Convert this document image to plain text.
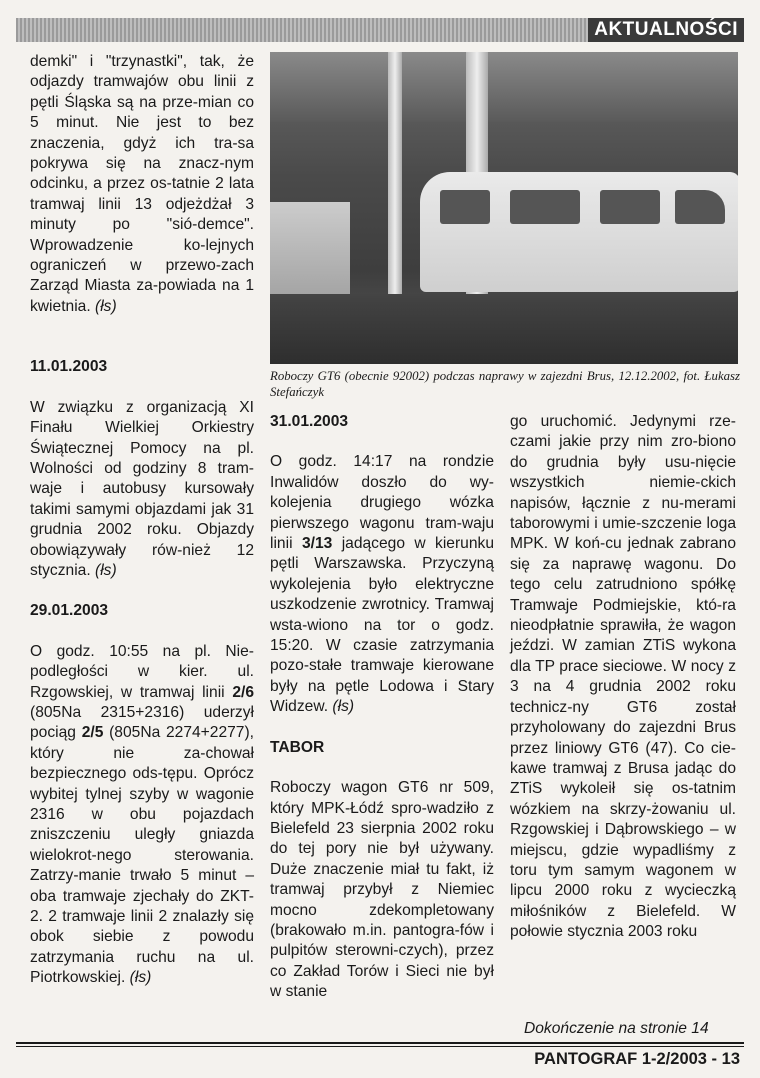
AKTUALNOŚCI

demki" i "trzynastki", tak, że odjazdy tramwajów obu linii z pętli Śląska są na prze-mian co 5 minut. Nie jest to bez znaczenia, gdyż ich tra-sa pokrywa się na znacz-nym odcinku, a przez os-tatnie 2 lata tramwaj linii 13 odjeżdżał 3 minuty po "sió-demce". Wprowadzenie ko-lejnych ograniczeń w przewo-zach Zarząd Miasta za-powiada na 1 kwietnia. (łs)

11.01.2003

W związku z organizacją XI Finału Wielkiej Orkiestry Świątecznej Pomocy na pl. Wolności od godziny 8 tram-waje i autobusy kursowały takimi samymi objazdami jak 31 grudnia 2002 roku. Objazdy obowiązywały rów-nież 12 stycznia. (łs)

29.01.2003

O godz. 10:55 na pl. Nie-podległości w kier. ul. Rzgowskiej, w tramwaj linii 2/6 (805Na 2315+2316) uderzył pociąg 2/5 (805Na 2274+2277), który nie za-chował bezpiecznego ods-tępu. Oprócz wybitej tylnej szyby w wagonie 2316 w obu pojazdach zniszczeniu uległy gniazda wielokrot-nego sterowania. Zatrzy-manie trwało 5 minut – oba tramwaje zjechały do ZKT-2. 2 tramwaje linii 2 znalazły się obok siebie z powodu zatrzymania ruchu na ul. Piotrkowskiej. (łs)

Roboczy GT6 (obecnie 92002) podczas naprawy w zajezdni Brus, 12.12.2002, fot. Łukasz Stefańczyk

31.01.2003

O godz. 14:17 na rondzie Inwalidów doszło do wy-kolejenia drugiego wózka pierwszego wagonu tram-waju linii 3/13 jadącego w kierunku pętli Warszawska. Przyczyną wykolejenia było elektryczne uszkodzenie zwrotnicy. Tramwaj wsta-wiono na tor o godz. 15:20. W czasie zatrzymania pozo-stałe tramwaje kierowane były na pętle Lodowa i Stary Widzew. (łs)

TABOR

Roboczy wagon GT6 nr 509, który MPK-Łódź spro-wadziło z Bielefeld 23 sierpnia 2002 roku do tej pory nie był używany. Duże znaczenie miał tu fakt, iż tramwaj przybył z Niemiec mocno zdekompletowany (brakowało m.in. pantogra-fów i pulpitów sterowni-czych), przez co Zakład Torów i Sieci nie był w stanie

go uruchomić. Jedynymi rze-czami jakie przy nim zro-biono do grudnia były usu-nięcie wszystkich niemie-ckich napisów, łącznie z nu-merami taborowymi i umie-szczenie loga MPK. W koń-cu jednak zabrano się za naprawę wagonu. Do tego celu zatrudniono spółkę Tramwaje Podmiejskie, któ-ra nieodpłatnie sprawiła, że wagon jeździ. W zamian ZTiS wykona dla TP prace sieciowe. W nocy z 3 na 4 grudnia 2002 roku technicz-ny GT6 został przyholowany do zajezdni Brus przez liniowy GT6 (47). Co cie-kawe tramwaj z Brusa jadąc do ZTiS wykoleił się os-tatnim wózkiem na skrzy-żowaniu ul. Rzgowskiej i Dąbrowskiego – w miejscu, gdzie wypadliśmy z toru tym samym wagonem w lipcu 2000 roku z wycieczką miłośników z Bielefeld. W połowie stycznia 2003 roku

Dokończenie na stronie 14
PANTOGRAF 1-2/2003 - 13
